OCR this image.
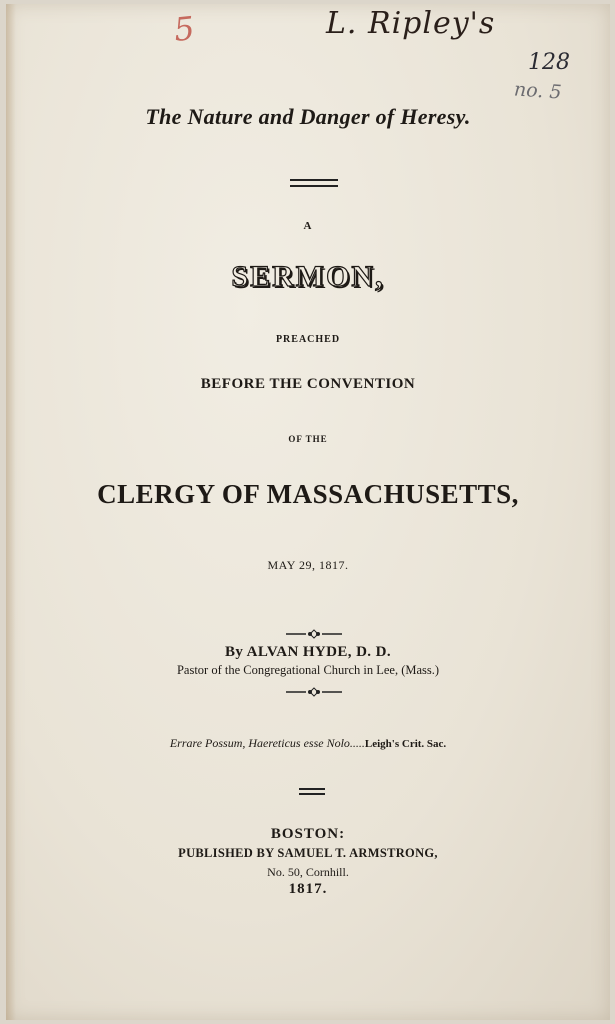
5	L. Ripley's
128
no. 5
The Nature and Danger of Heresy.
A
SERMON,
PREACHED
BEFORE THE CONVENTION
OF THE
CLERGY OF MASSACHUSETTS,
MAY 29, 1817.
By ALVAN HYDE, D. D.
Pastor of the Congregational Church in Lee, (Mass.)
Errare Possum, Haereticus esse Nolo.....Leigh's Crit. Sac.
BOSTON:
PUBLISHED BY SAMUEL T. ARMSTRONG,
No. 50, Cornhill.
1817.
